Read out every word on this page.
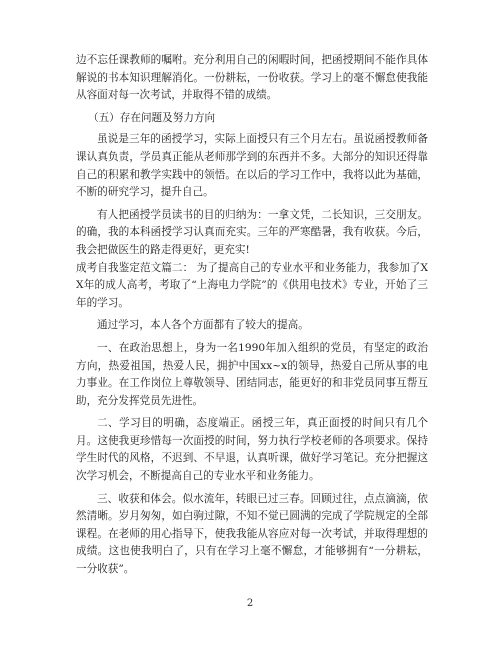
边不忘任课教师的嘱咐。充分利用自己的闲暇时间，把函授期间不能作具体解说的书本知识理解消化。一份耕耘，一份收获。学习上的毫不懈怠使我能从容面对每一次考试，并取得不错的成绩。

（五）存在问题及努力方向

虽说是三年的函授学习，实际上面授只有三个月左右。虽说函授教师备课认真负责，学员真正能从老师那学到的东西并不多。大部分的知识还得靠自己的积累和教学实践中的领悟。在以后的学习工作中，我将以此为基础，不断的研究学习，提升自己。

有人把函授学员读书的目的归纳为：一拿文凭，二长知识，三交朋友。的确，我的本科函授学习认真而充实。三年的严寒酷暑，我有收获。今后，我会把做医生的路走得更好，更充实!

成考自我鉴定范文篇二： 为了提高自己的专业水平和业务能力，我参加了XX年的成人高考，考取了“上海电力学院”的《供用电技术》专业，开始了三年的学习。

通过学习，本人各个方面都有了较大的提高。

一、在政治思想上，身为一名1990年加入组织的党员，有坚定的政治方向，热爱祖国，热爱人民，拥护中国xx~x的领导，热爱自己所从事的电力事业。在工作岗位上尊敬领导、团结同志，能更好的和非党员同事互帮互助，充分发挥党员先进性。

二、学习目的明确，态度端正。函授三年，真正面授的时间只有几个月。这使我更珍惜每一次面授的时间，努力执行学校老师的各项要求。保持学生时代的风格，不迟到、不早退，认真听课，做好学习笔记。充分把握这次学习机会，不断提高自己的专业水平和业务能力。

三、收获和体会。似水流年，转眼已过三春。回顾过往，点点滴滴，依然清晰。岁月匆匆，如白驹过隙，不知不觉已圆满的完成了学院规定的全部课程。在老师的用心指导下，使我我能从容应对每一次考试，并取得理想的成绩。这也使我明白了，只有在学习上毫不懈怠，才能够拥有“一分耕耘，一分收获”。

2
